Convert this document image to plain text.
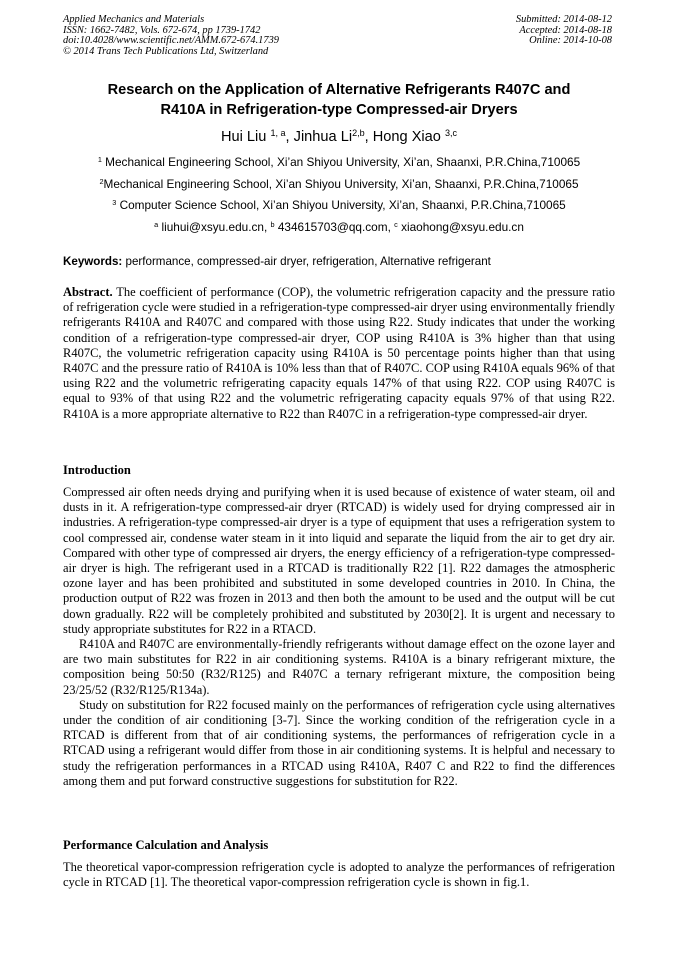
Applied Mechanics and Materials
ISSN: 1662-7482, Vols. 672-674, pp 1739-1742
doi:10.4028/www.scientific.net/AMM.672-674.1739
© 2014 Trans Tech Publications Ltd, Switzerland
Submitted: 2014-08-12
Accepted: 2014-08-18
Online: 2014-10-08
Research on the Application of Alternative Refrigerants R407C and
R410A in Refrigeration-type Compressed-air Dryers
Hui Liu $^{1, a}$, Jinhua Li$^{2,b}$, Hong Xiao $^{3,c}$
$^1$ Mechanical Engineering School, Xi’an Shiyou University, Xi’an, Shaanxi, P.R.China,710065
$^2$Mechanical Engineering School, Xi’an Shiyou University, Xi’an, Shaanxi, P.R.China,710065
$^3$ Computer Science School, Xi’an Shiyou University, Xi’an, Shaanxi, P.R.China,710065
$^a$ liuhui@xsyu.edu.cn, $^b$ 434615703@qq.com, $^c$ xiaohong@xsyu.edu.cn
Keywords: performance, compressed-air dryer, refrigeration, Alternative refrigerant

Abstract. The coefficient of performance (COP), the volumetric refrigeration capacity and the pressure ratio of refrigeration cycle were studied in a refrigeration-type compressed-air dryer using environmentally friendly refrigerants R410A and R407C and compared with those using R22. Study indicates that under the working condition of a refrigeration-type compressed-air dryer, COP using R410A is 3% higher than that using R407C, the volumetric refrigeration capacity using R410A is 50 percentage points higher than that using R407C and the pressure ratio of R410A is 10% less than that of R407C. COP using R410A equals 96% of that using R22 and the volumetric refrigerating capacity equals 147% of that using R22. COP using R407C is equal to 93% of that using R22 and the volumetric refrigerating capacity equals 97% of that using R22. R410A is a more appropriate alternative to R22 than R407C in a refrigeration-type compressed-air dryer.

Introduction

Compressed air often needs drying and purifying when it is used because of existence of water steam, oil and dusts in it. A refrigeration-type compressed-air dryer (RTCAD) is widely used for drying compressed air in industries. A refrigeration-type compressed-air dryer is a type of equipment that uses a refrigeration system to cool compressed air, condense water steam in it into liquid and separate the liquid from the air to get dry air. Compared with other type of compressed air dryers, the energy efficiency of a refrigeration-type compressed-air dryer is high. The refrigerant used in a RTCAD is traditionally R22 [1]. R22 damages the atmospheric ozone layer and has been prohibited and substituted in some developed countries in 2010. In China, the production output of R22 was frozen in 2013 and then both the amount to be used and the output will be cut down gradually. R22 will be completely prohibited and substituted by 2030[2]. It is urgent and necessary to study appropriate substitutes for R22 in a RTACD.

R410A and R407C are environmentally-friendly refrigerants without damage effect on the ozone layer and are two main substitutes for R22 in air conditioning systems. R410A is a binary refrigerant mixture, the composition being 50:50 (R32/R125) and R407C a ternary refrigerant mixture, the composition being 23/25/52 (R32/R125/R134a).

Study on substitution for R22 focused mainly on the performances of refrigeration cycle using alternatives under the condition of air conditioning [3-7]. Since the working condition of the refrigeration cycle in a RTCAD is different from that of air conditioning systems, the performances of refrigeration cycle in a RTCAD using a refrigerant would differ from those in air conditioning systems. It is helpful and necessary to study the refrigeration performances in a RTCAD using R410A, R407 C and R22 to find the differences among them and put forward constructive suggestions for substitution for R22.

Performance Calculation and Analysis

The theoretical vapor-compression refrigeration cycle is adopted to analyze the performances of refrigeration cycle in RTCAD [1]. The theoretical vapor-compression refrigeration cycle is shown in fig.1.
